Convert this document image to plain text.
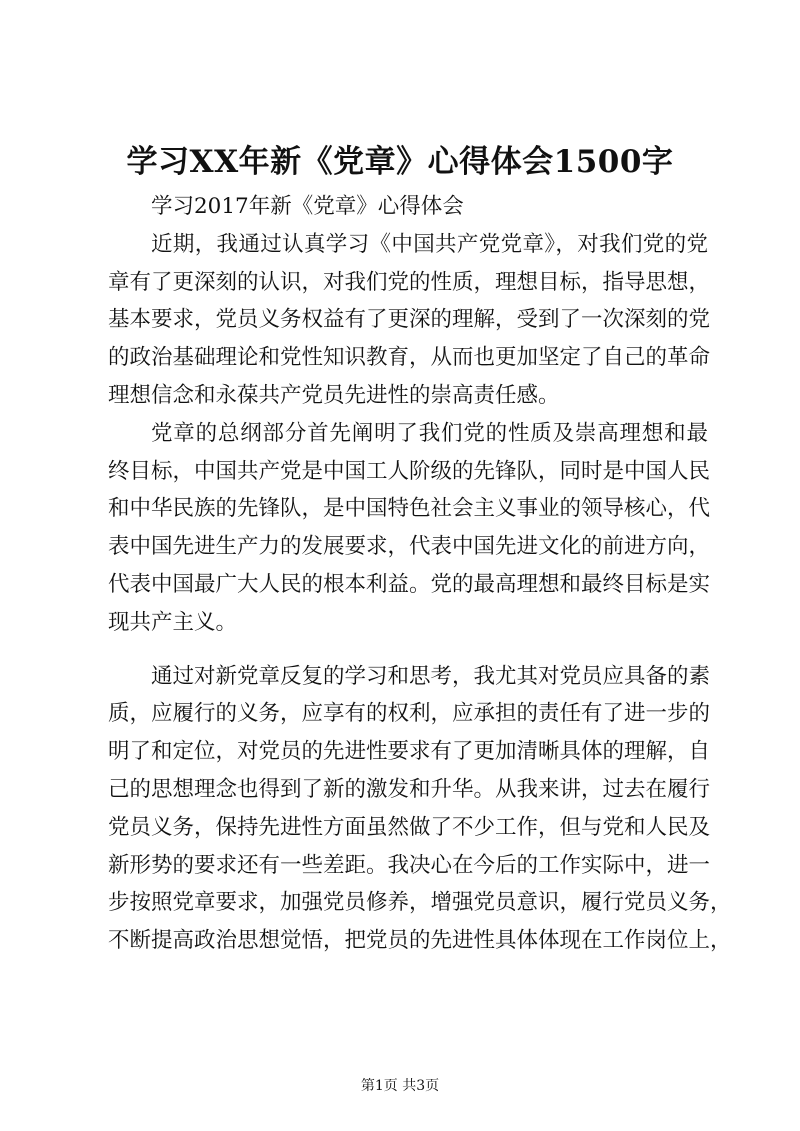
学习XX年新《党章》心得体会1500字
学习2017年新《党章》心得体会
近期，我通过认真学习《中国共产党党章》，对我们党的党
章有了更深刻的认识，对我们党的性质，理想目标，指导思想，
基本要求，党员义务权益有了更深的理解，受到了一次深刻的党
的政治基础理论和党性知识教育，从而也更加坚定了自己的革命
理想信念和永葆共产党员先进性的崇高责任感。
党章的总纲部分首先阐明了我们党的性质及崇高理想和最
终目标，中国共产党是中国工人阶级的先锋队，同时是中国人民
和中华民族的先锋队，是中国特色社会主义事业的领导核心，代
表中国先进生产力的发展要求，代表中国先进文化的前进方向，
代表中国最广大人民的根本利益。党的最高理想和最终目标是实
现共产主义。
通过对新党章反复的学习和思考，我尤其对党员应具备的素
质，应履行的义务，应享有的权利，应承担的责任有了进一步的
明了和定位，对党员的先进性要求有了更加清晰具体的理解，自
己的思想理念也得到了新的激发和升华。从我来讲，过去在履行
党员义务，保持先进性方面虽然做了不少工作，但与党和人民及
新形势的要求还有一些差距。我决心在今后的工作实际中，进一
步按照党章要求，加强党员修养，增强党员意识，履行党员义务，
不断提高政治思想觉悟，把党员的先进性具体体现在工作岗位上，
第1页 共3页
